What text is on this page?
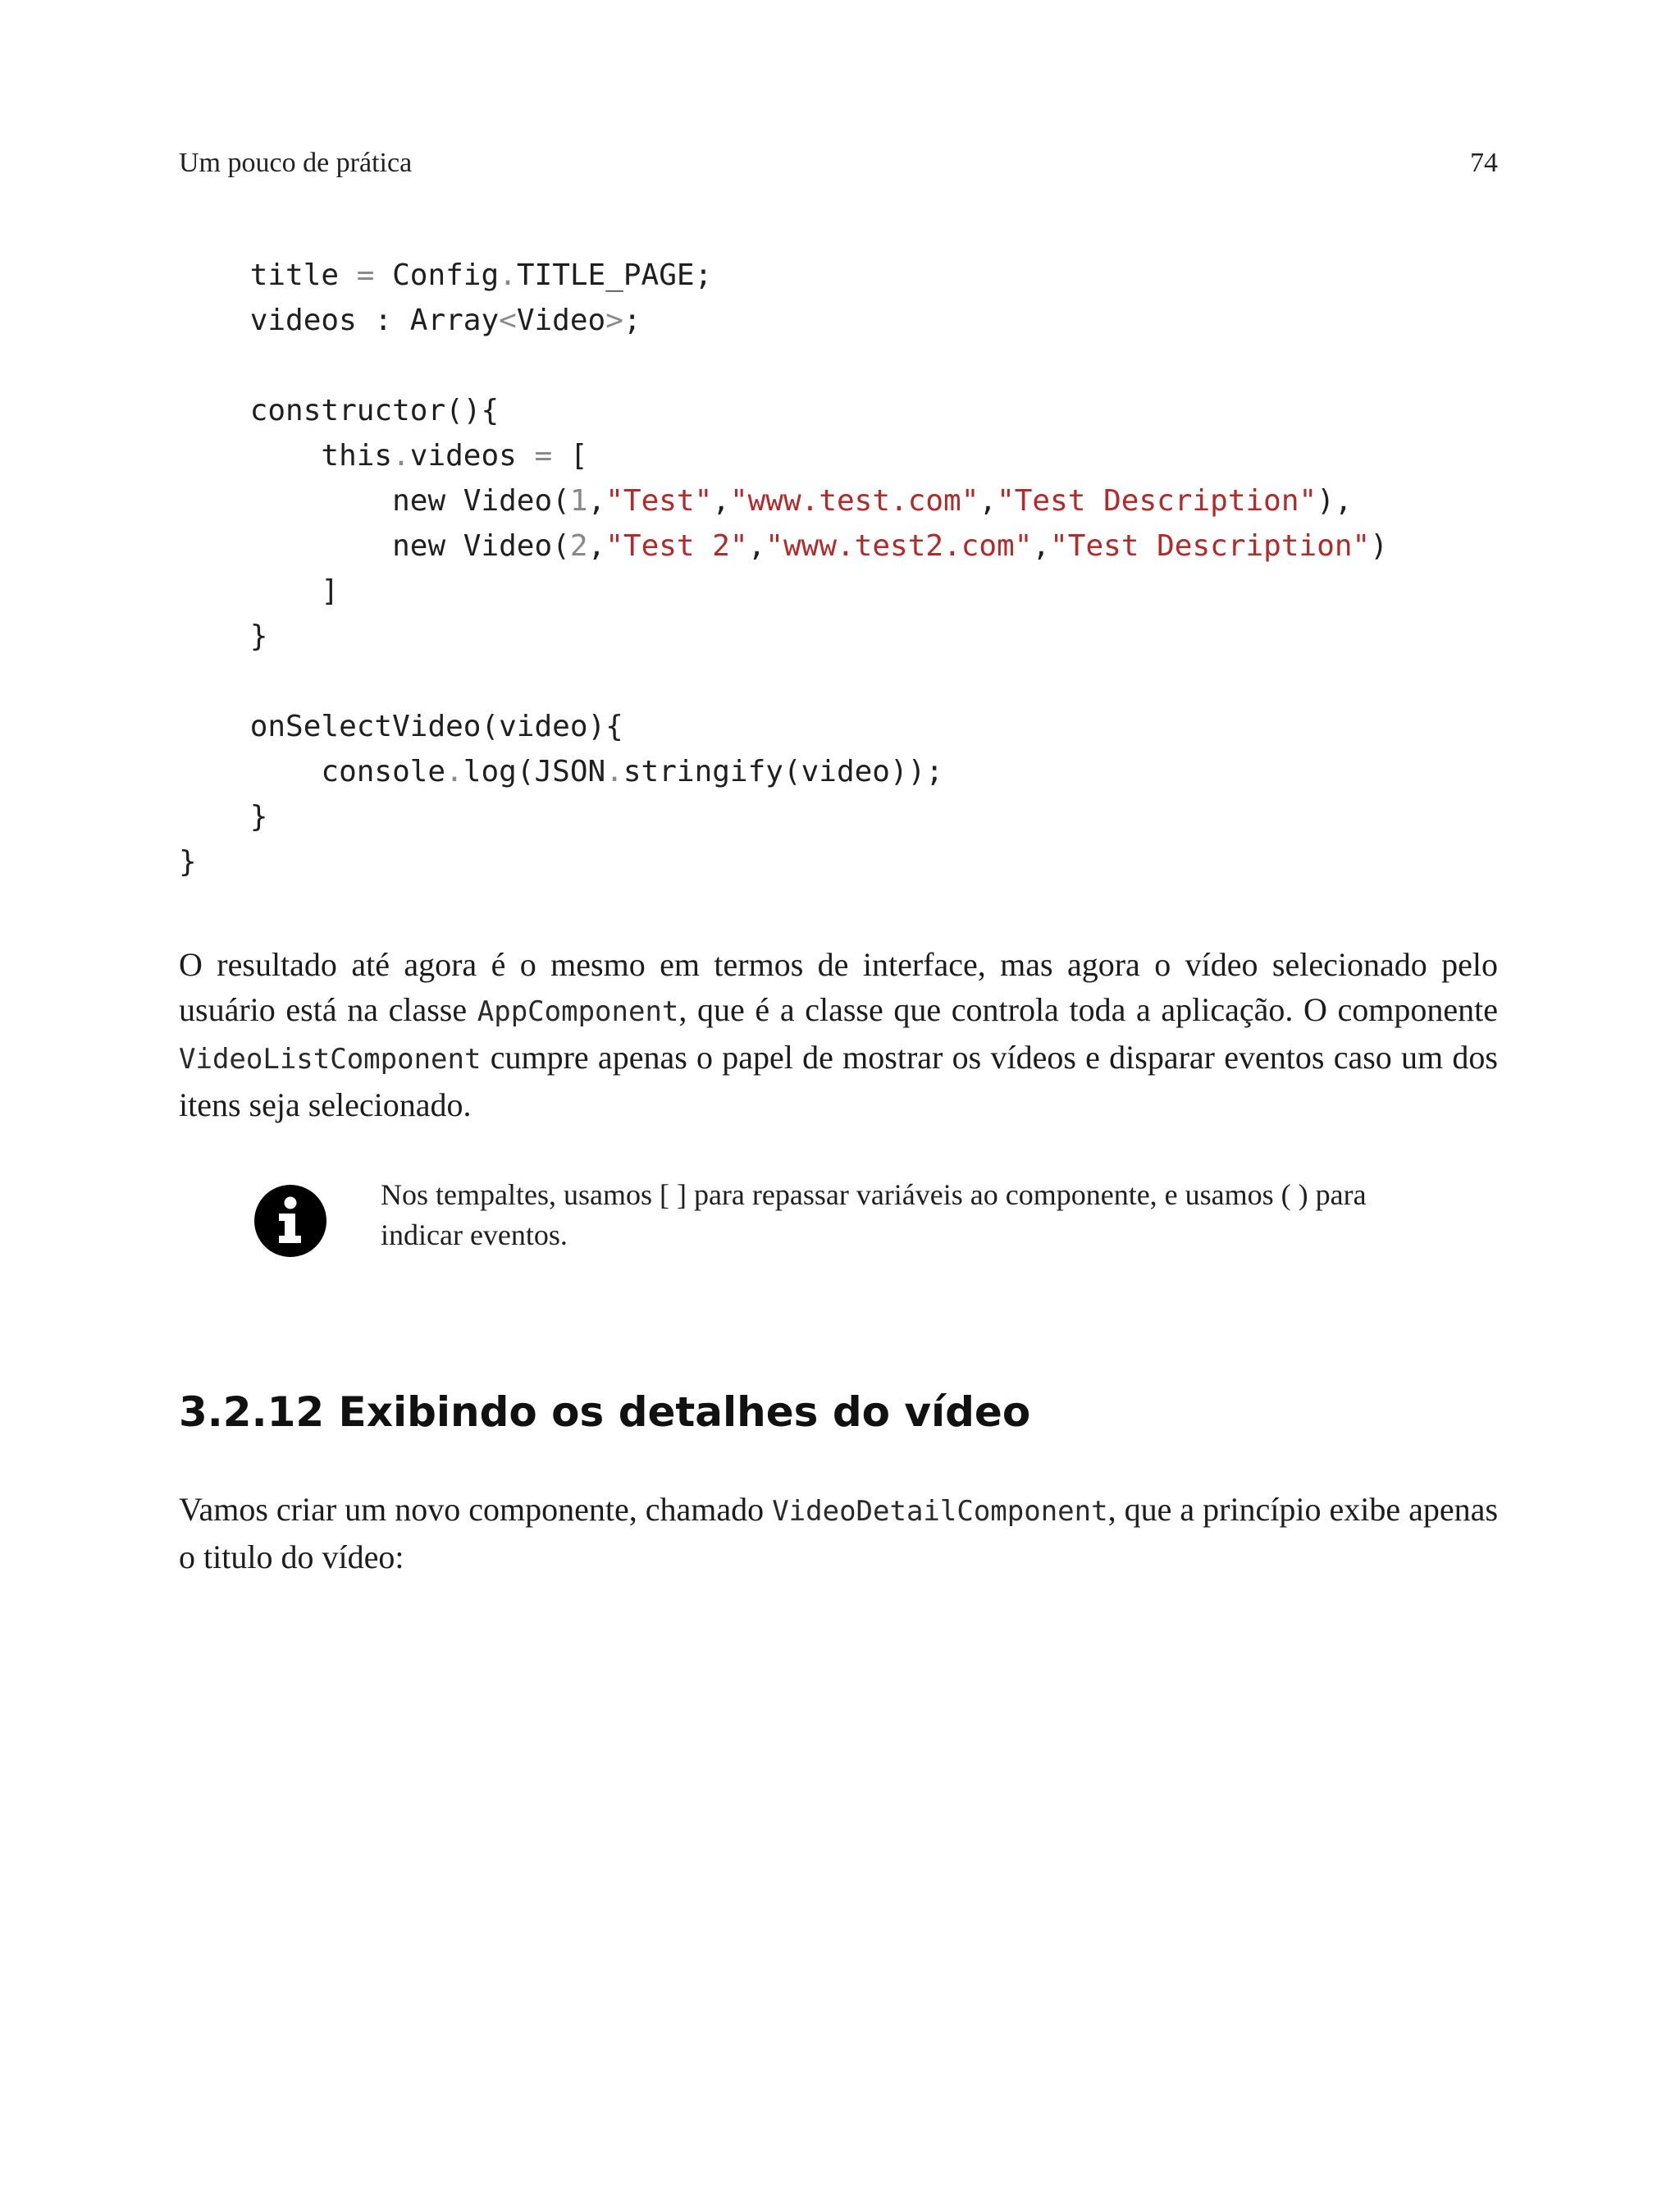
Um pouco de prática	74
title = Config.TITLE_PAGE;
videos : Array<Video>;

constructor(){
this.videos = [
new Video(1,"Test","www.test.com","Test Description"),
new Video(2,"Test 2","www.test2.com","Test Description")
]
}

onSelectVideo(video){
console.log(JSON.stringify(video));
}
}

O resultado até agora é o mesmo em termos de interface, mas agora o vídeo selecionado pelo usuário está na classe AppComponent, que é a classe que controla toda a aplicação. O componente VideoListComponent cumpre apenas o papel de mostrar os vídeos e disparar eventos caso um dos itens seja selecionado.

Nos tempaltes, usamos [ ] para repassar variáveis ao componente, e usamos ( ) para indicar eventos.
3.2.12 Exibindo os detalhes do vídeo

Vamos criar um novo componente, chamado VideoDetailComponent, que a princípio exibe apenas o titulo do vídeo:
